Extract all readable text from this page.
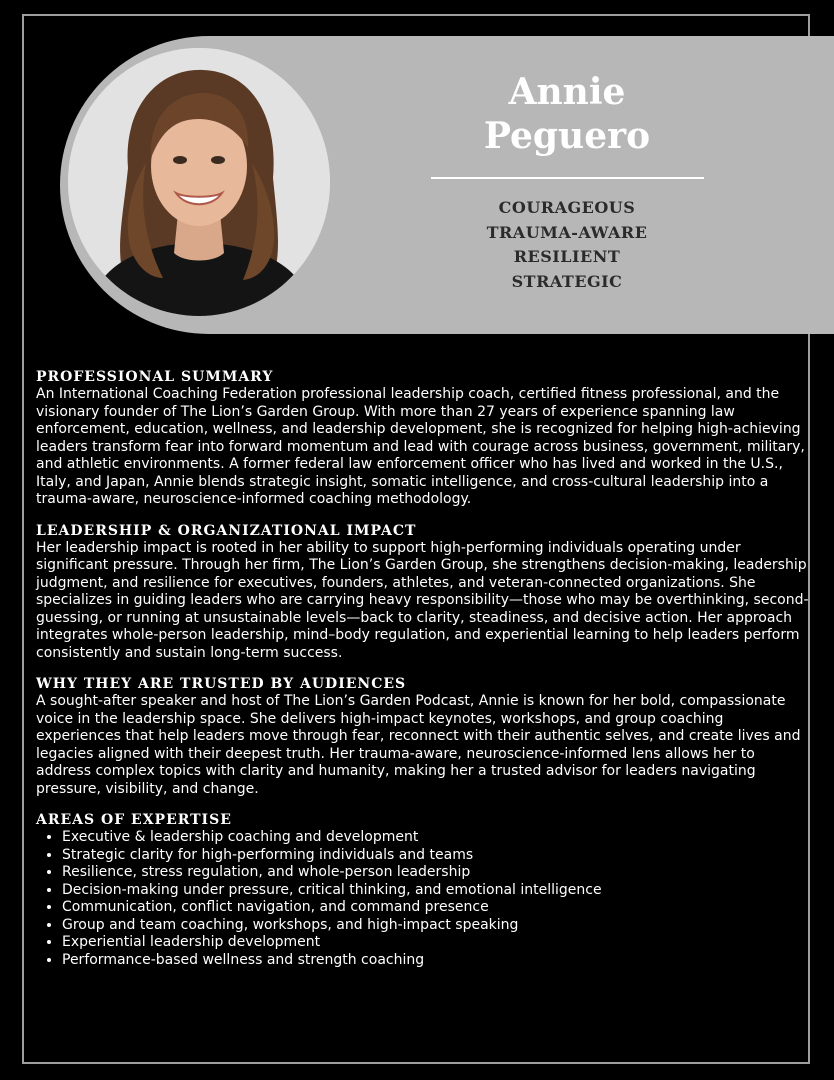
Annie
Peguero
COURAGEOUS
TRAUMA-AWARE
RESILIENT
STRATEGIC
PROFESSIONAL SUMMARY

An International Coaching Federation professional leadership coach, certified fitness professional, and the visionary founder of The Lion’s Garden Group. With more than 27 years of experience spanning law enforcement, education, wellness, and leadership development, she is recognized for helping high-achieving leaders transform fear into forward momentum and lead with courage across business, government, military, and athletic environments. A former federal law enforcement officer who has lived and worked in the U.S., Italy, and Japan, Annie blends strategic insight, somatic intelligence, and cross-cultural leadership into a trauma-aware, neuroscience-informed coaching methodology.

LEADERSHIP & ORGANIZATIONAL IMPACT

Her leadership impact is rooted in her ability to support high-performing individuals operating under significant pressure. Through her firm, The Lion’s Garden Group, she strengthens decision-making, leadership judgment, and resilience for executives, founders, athletes, and veteran-connected organizations. She specializes in guiding leaders who are carrying heavy responsibility—those who may be overthinking, second-guessing, or running at unsustainable levels—back to clarity, steadiness, and decisive action. Her approach integrates whole-person leadership, mind–body regulation, and experiential learning to help leaders perform consistently and sustain long-term success.

WHY THEY ARE TRUSTED BY AUDIENCES

A sought-after speaker and host of The Lion’s Garden Podcast, Annie is known for her bold, compassionate voice in the leadership space. She delivers high-impact keynotes, workshops, and group coaching experiences that help leaders move through fear, reconnect with their authentic selves, and create lives and legacies aligned with their deepest truth. Her trauma-aware, neuroscience-informed lens allows her to address complex topics with clarity and humanity, making her a trusted advisor for leaders navigating pressure, visibility, and change.

AREAS OF EXPERTISE
• Executive & leadership coaching and development
• Strategic clarity for high-performing individuals and teams
• Resilience, stress regulation, and whole-person leadership
• Decision-making under pressure, critical thinking, and emotional intelligence
• Communication, conflict navigation, and command presence
• Group and team coaching, workshops, and high-impact speaking
• Experiential leadership development
• Performance-based wellness and strength coaching
